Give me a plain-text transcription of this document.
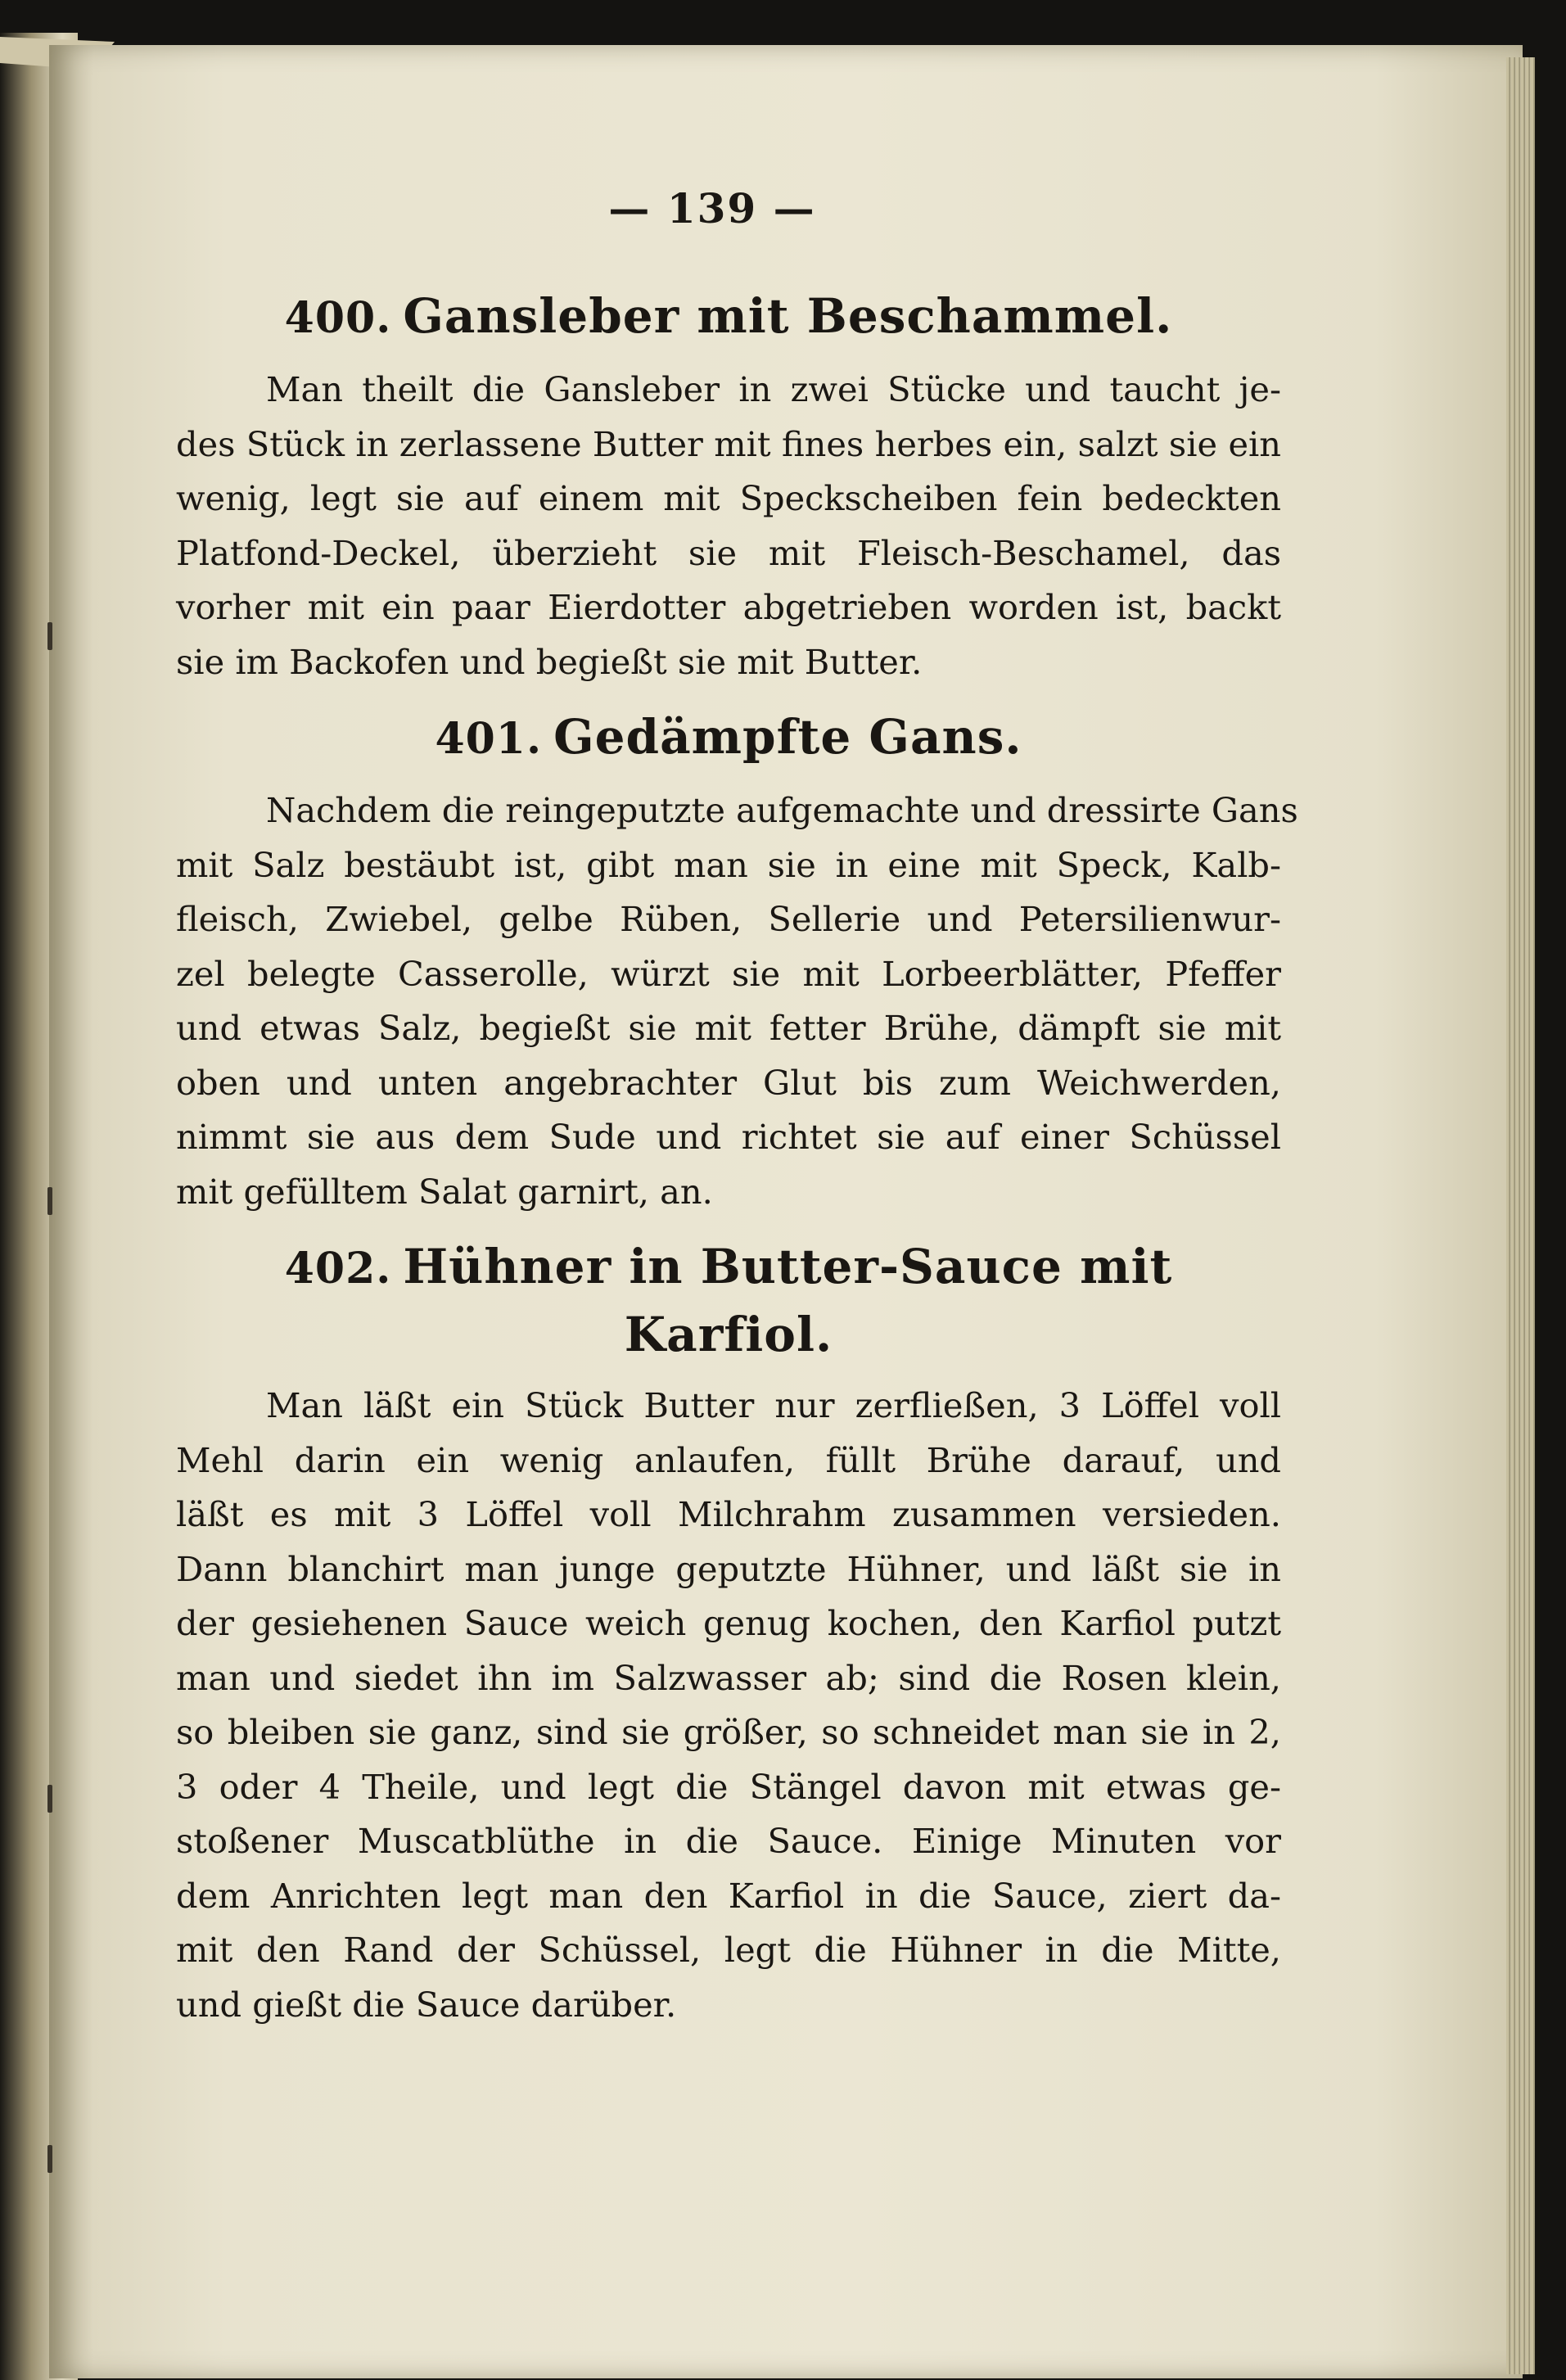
— 139 —
400. Gansleber mit Beschammel.

Man theilt die Gansleber in zwei Stücke und taucht je-
des Stück in zerlassene Butter mit fines herbes ein, salzt sie ein
wenig, legt sie auf einem mit Speckscheiben fein bedeckten
Platfond-Deckel, überzieht sie mit Fleisch-Beschamel, das
vorher mit ein paar Eierdotter abgetrieben worden ist, backt
sie im Backofen und begießt sie mit Butter.

401. Gedämpfte Gans.

Nachdem die reingeputzte aufgemachte und dressirte Gans
mit Salz bestäubt ist, gibt man sie in eine mit Speck, Kalb-
fleisch, Zwiebel, gelbe Rüben, Sellerie und Petersilienwur-
zel belegte Casserolle, würzt sie mit Lorbeerblätter, Pfeffer
und etwas Salz, begießt sie mit fetter Brühe, dämpft sie mit
oben und unten angebrachter Glut bis zum Weichwerden,
nimmt sie aus dem Sude und richtet sie auf einer Schüssel
mit gefülltem Salat garnirt, an.

402. Hühner in Butter-Sauce mit Karfiol.

Man läßt ein Stück Butter nur zerfließen, 3 Löffel voll
Mehl darin ein wenig anlaufen, füllt Brühe darauf, und
läßt es mit 3 Löffel voll Milchrahm zusammen versieden.
Dann blanchirt man junge geputzte Hühner, und läßt sie in
der gesiehenen Sauce weich genug kochen, den Karfiol putzt
man und siedet ihn im Salzwasser ab; sind die Rosen klein,
so bleiben sie ganz, sind sie größer, so schneidet man sie in 2,
3 oder 4 Theile, und legt die Stängel davon mit etwas ge-
stoßener Muscatblüthe in die Sauce. Einige Minuten vor
dem Anrichten legt man den Karfiol in die Sauce, ziert da-
mit den Rand der Schüssel, legt die Hühner in die Mitte,
und gießt die Sauce darüber.
